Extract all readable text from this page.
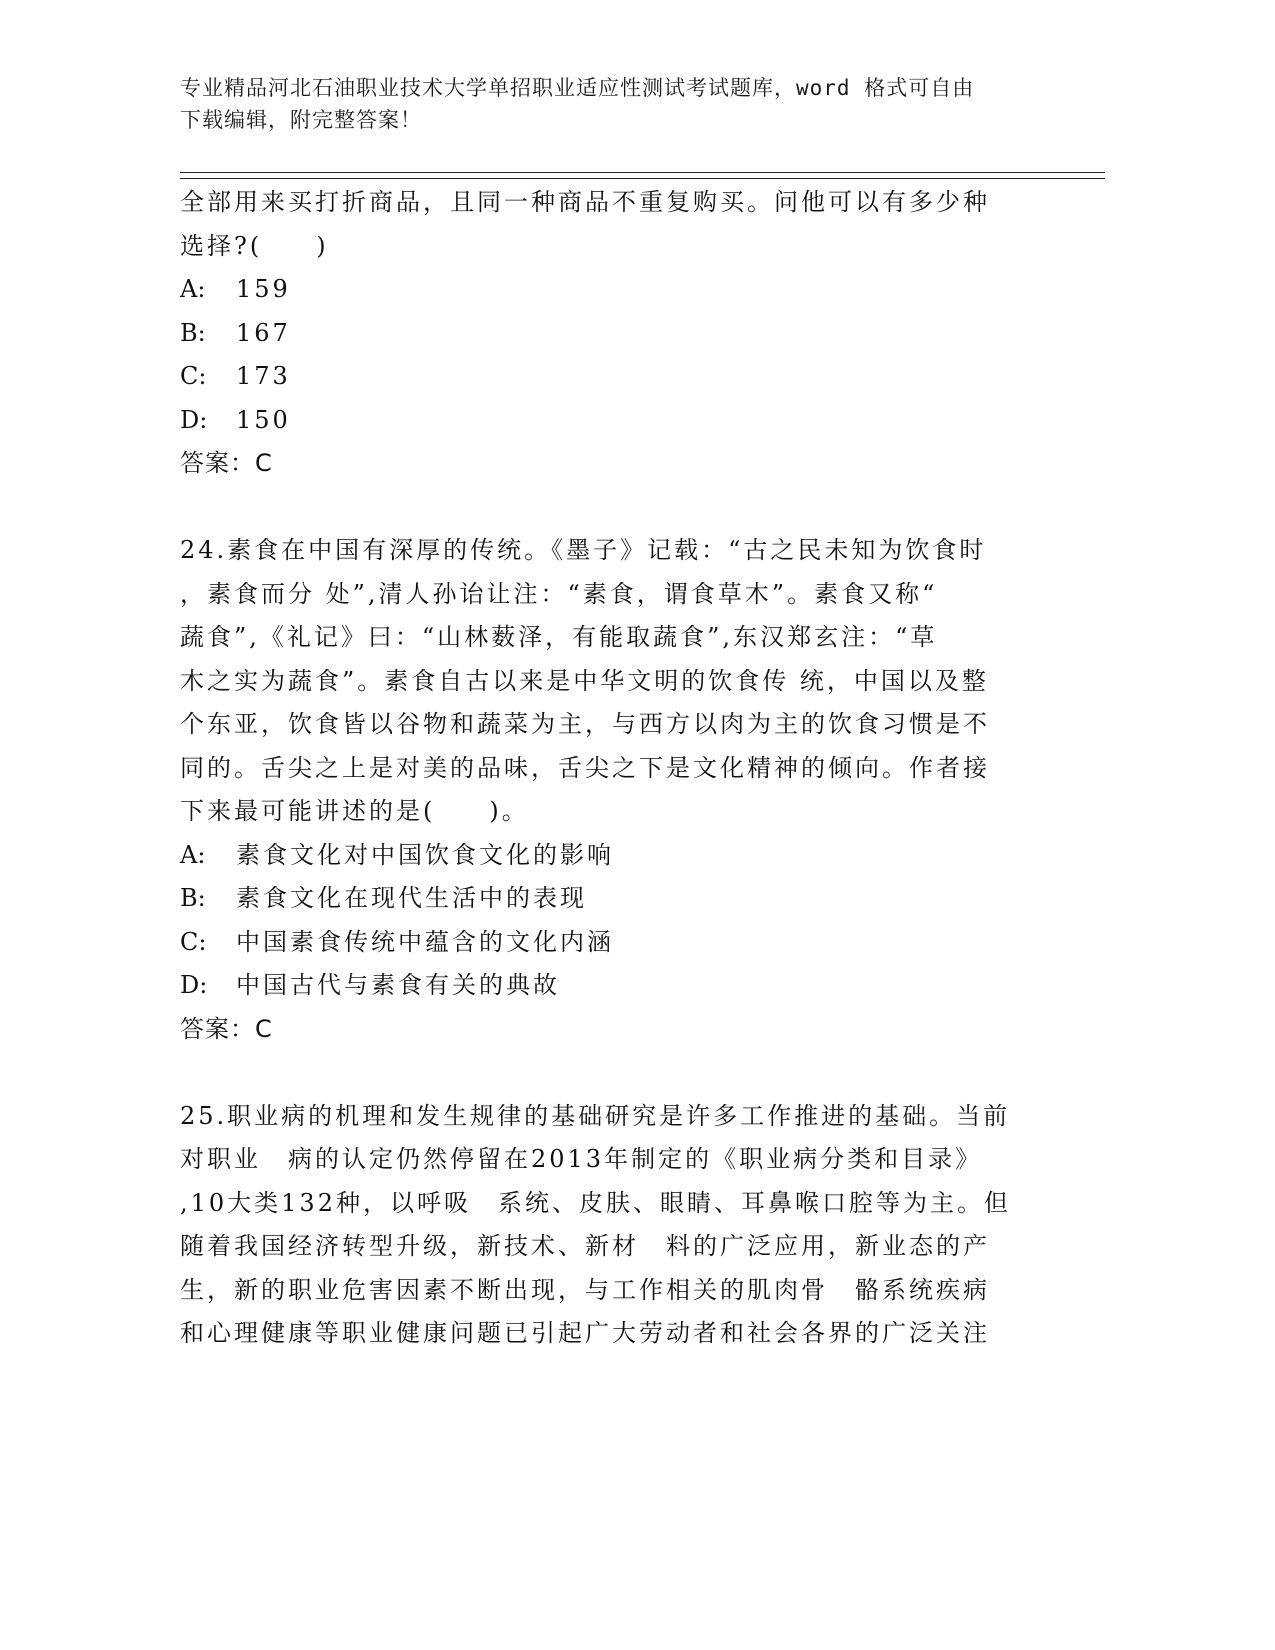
专业精品河北石油职业技术大学单招职业适应性测试考试题库，word 格式可自由
下载编辑，附完整答案！

全部用来买打折商品，且同一种商品不重复购买。问他可以有多少种

选择?(　　)

A: 159
B: 167
C: 173
D: 150

答案：C

24.素食在中国有深厚的传统。《墨子》记载：“古之民未知为饮食时

，素食而分 处”,清人孙诒让注：“素食，谓食草木”。素食又称“

蔬食”,《礼记》曰：“山林薮泽，有能取蔬食”,东汉郑玄注：“草

木之实为蔬食”。素食自古以来是中华文明的饮食传 统，中国以及整

个东亚，饮食皆以谷物和蔬菜为主，与西方以肉为主的饮食习惯是不

同的。舌尖之上是对美的品味，舌尖之下是文化精神的倾向。作者接

下来最可能讲述的是(　　)。

A: 素食文化对中国饮食文化的影响
B: 素食文化在现代生活中的表现
C: 中国素食传统中蕴含的文化内涵
D: 中国古代与素食有关的典故

答案：C

25.职业病的机理和发生规律的基础研究是许多工作推进的基础。当前

对职业　病的认定仍然停留在2013年制定的《职业病分类和目录》

,10大类132种，以呼吸　系统、皮肤、眼睛、耳鼻喉口腔等为主。但

随着我国经济转型升级，新技术、新材　料的广泛应用，新业态的产

生，新的职业危害因素不断出现，与工作相关的肌肉骨　骼系统疾病

和心理健康等职业健康问题已引起广大劳动者和社会各界的广泛关注
